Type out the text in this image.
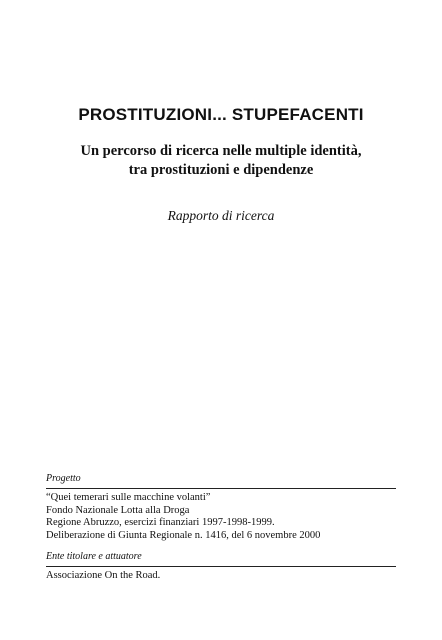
PROSTITUZIONI... STUPEFACENTI
Un percorso di ricerca nelle multiple identità,
tra prostituzioni e dipendenze
Rapporto di ricerca
Progetto
“Quei temerari sulle macchine volanti”
Fondo Nazionale Lotta alla Droga
Regione Abruzzo, esercizi finanziari 1997-1998-1999.
Deliberazione di Giunta Regionale n. 1416, del 6 novembre 2000
Ente titolare e attuatore
Associazione On the Road.
